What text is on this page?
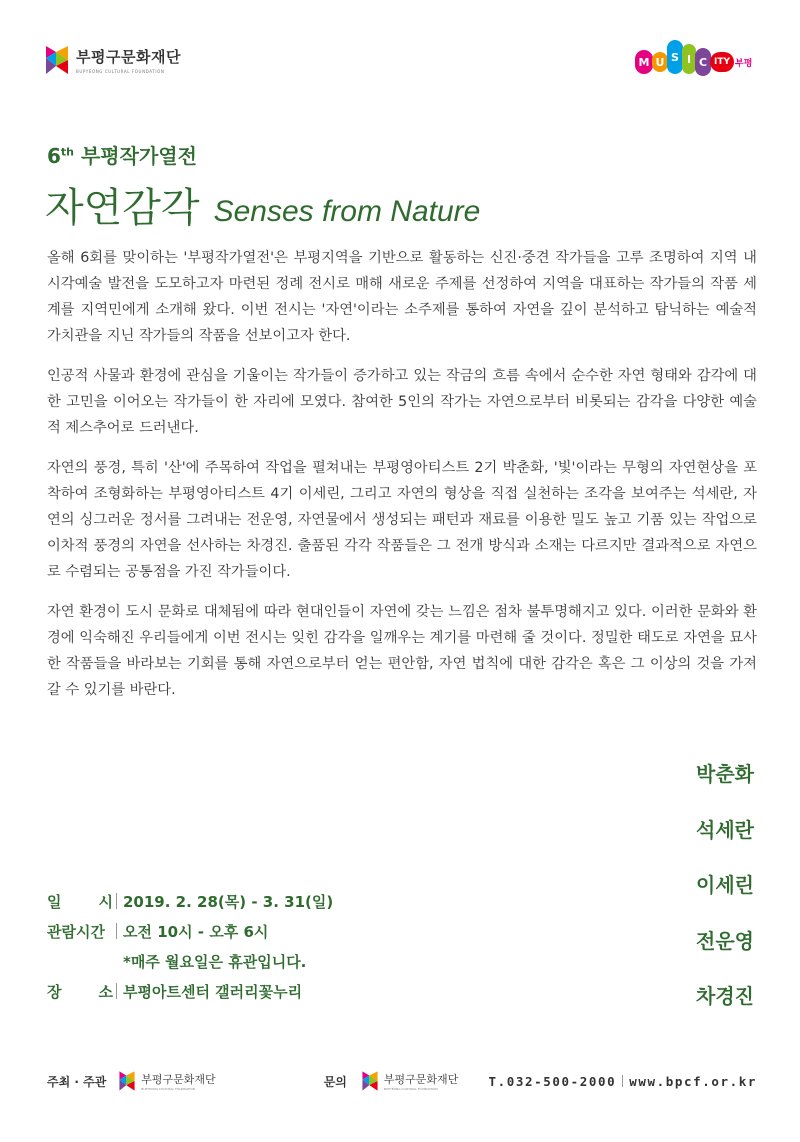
부평구문화재단
BUPYEONG CULTURAL FOUNDATION
M U S I C ITY 부평
6th 부평작가열전
자연감각 Senses from Nature

올해 6회를 맞이하는 '부평작가열전'은 부평지역을 기반으로 활동하는 신진·중견 작가들을 고루 조명하여 지역 내 시각예술 발전을 도모하고자 마련된 정례 전시로 매해 새로운 주제를 선정하여 지역을 대표하는 작가들의 작품 세계를 지역민에게 소개해 왔다. 이번 전시는 '자연'이라는 소주제를 통하여 자연을 깊이 분석하고 탐닉하는 예술적 가치관을 지닌 작가들의 작품을 선보이고자 한다.

인공적 사물과 환경에 관심을 기울이는 작가들이 증가하고 있는 작금의 흐름 속에서 순수한 자연 형태와 감각에 대한 고민을 이어오는 작가들이 한 자리에 모였다. 참여한 5인의 작가는 자연으로부터 비롯되는 감각을 다양한 예술적 제스추어로 드러낸다.

자연의 풍경, 특히 '산'에 주목하여 작업을 펼쳐내는 부평영아티스트 2기 박춘화, '빛'이라는 무형의 자연현상을 포착하여 조형화하는 부평영아티스트 4기 이세린, 그리고 자연의 형상을 직접 실천하는 조각을 보여주는 석세란, 자연의 싱그러운 정서를 그려내는 전운영, 자연물에서 생성되는 패턴과 재료를 이용한 밀도 높고 기품 있는 작업으로 이차적 풍경의 자연을 선사하는 차경진. 출품된 각각 작품들은 그 전개 방식과 소재는 다르지만 결과적으로 자연으로 수렴되는 공통점을 가진 작가들이다.

자연 환경이 도시 문화로 대체됨에 따라 현대인들이 자연에 갖는 느낌은 점차 불투명해지고 있다. 이러한 문화와 환경에 익숙해진 우리들에게 이번 전시는 잊힌 감각을 일깨우는 계기를 마련해 줄 것이다. 정밀한 태도로 자연을 묘사한 작품들을 바라보는 기회를 통해 자연으로부터 얻는 편안함, 자연 법칙에 대한 감각은 혹은 그 이상의 것을 가져갈 수 있기를 바란다.

박춘화
석세란
이세린
전운영
차경진
일 시 2019. 2. 28(목) - 3. 31(일)
관람시간	오전 10시 - 오후 6시
*매주 월요일은 휴관입니다.
장 소 부평아트센터 갤러리꽃누리
주최 · 주관	부평구문화재단
BUPYEONG CULTURAL FOUNDATION
문의	부평구문화재단
BUPYEONG CULTURAL FOUNDATION
T.032-500-2000 www.bpcf.or.kr
